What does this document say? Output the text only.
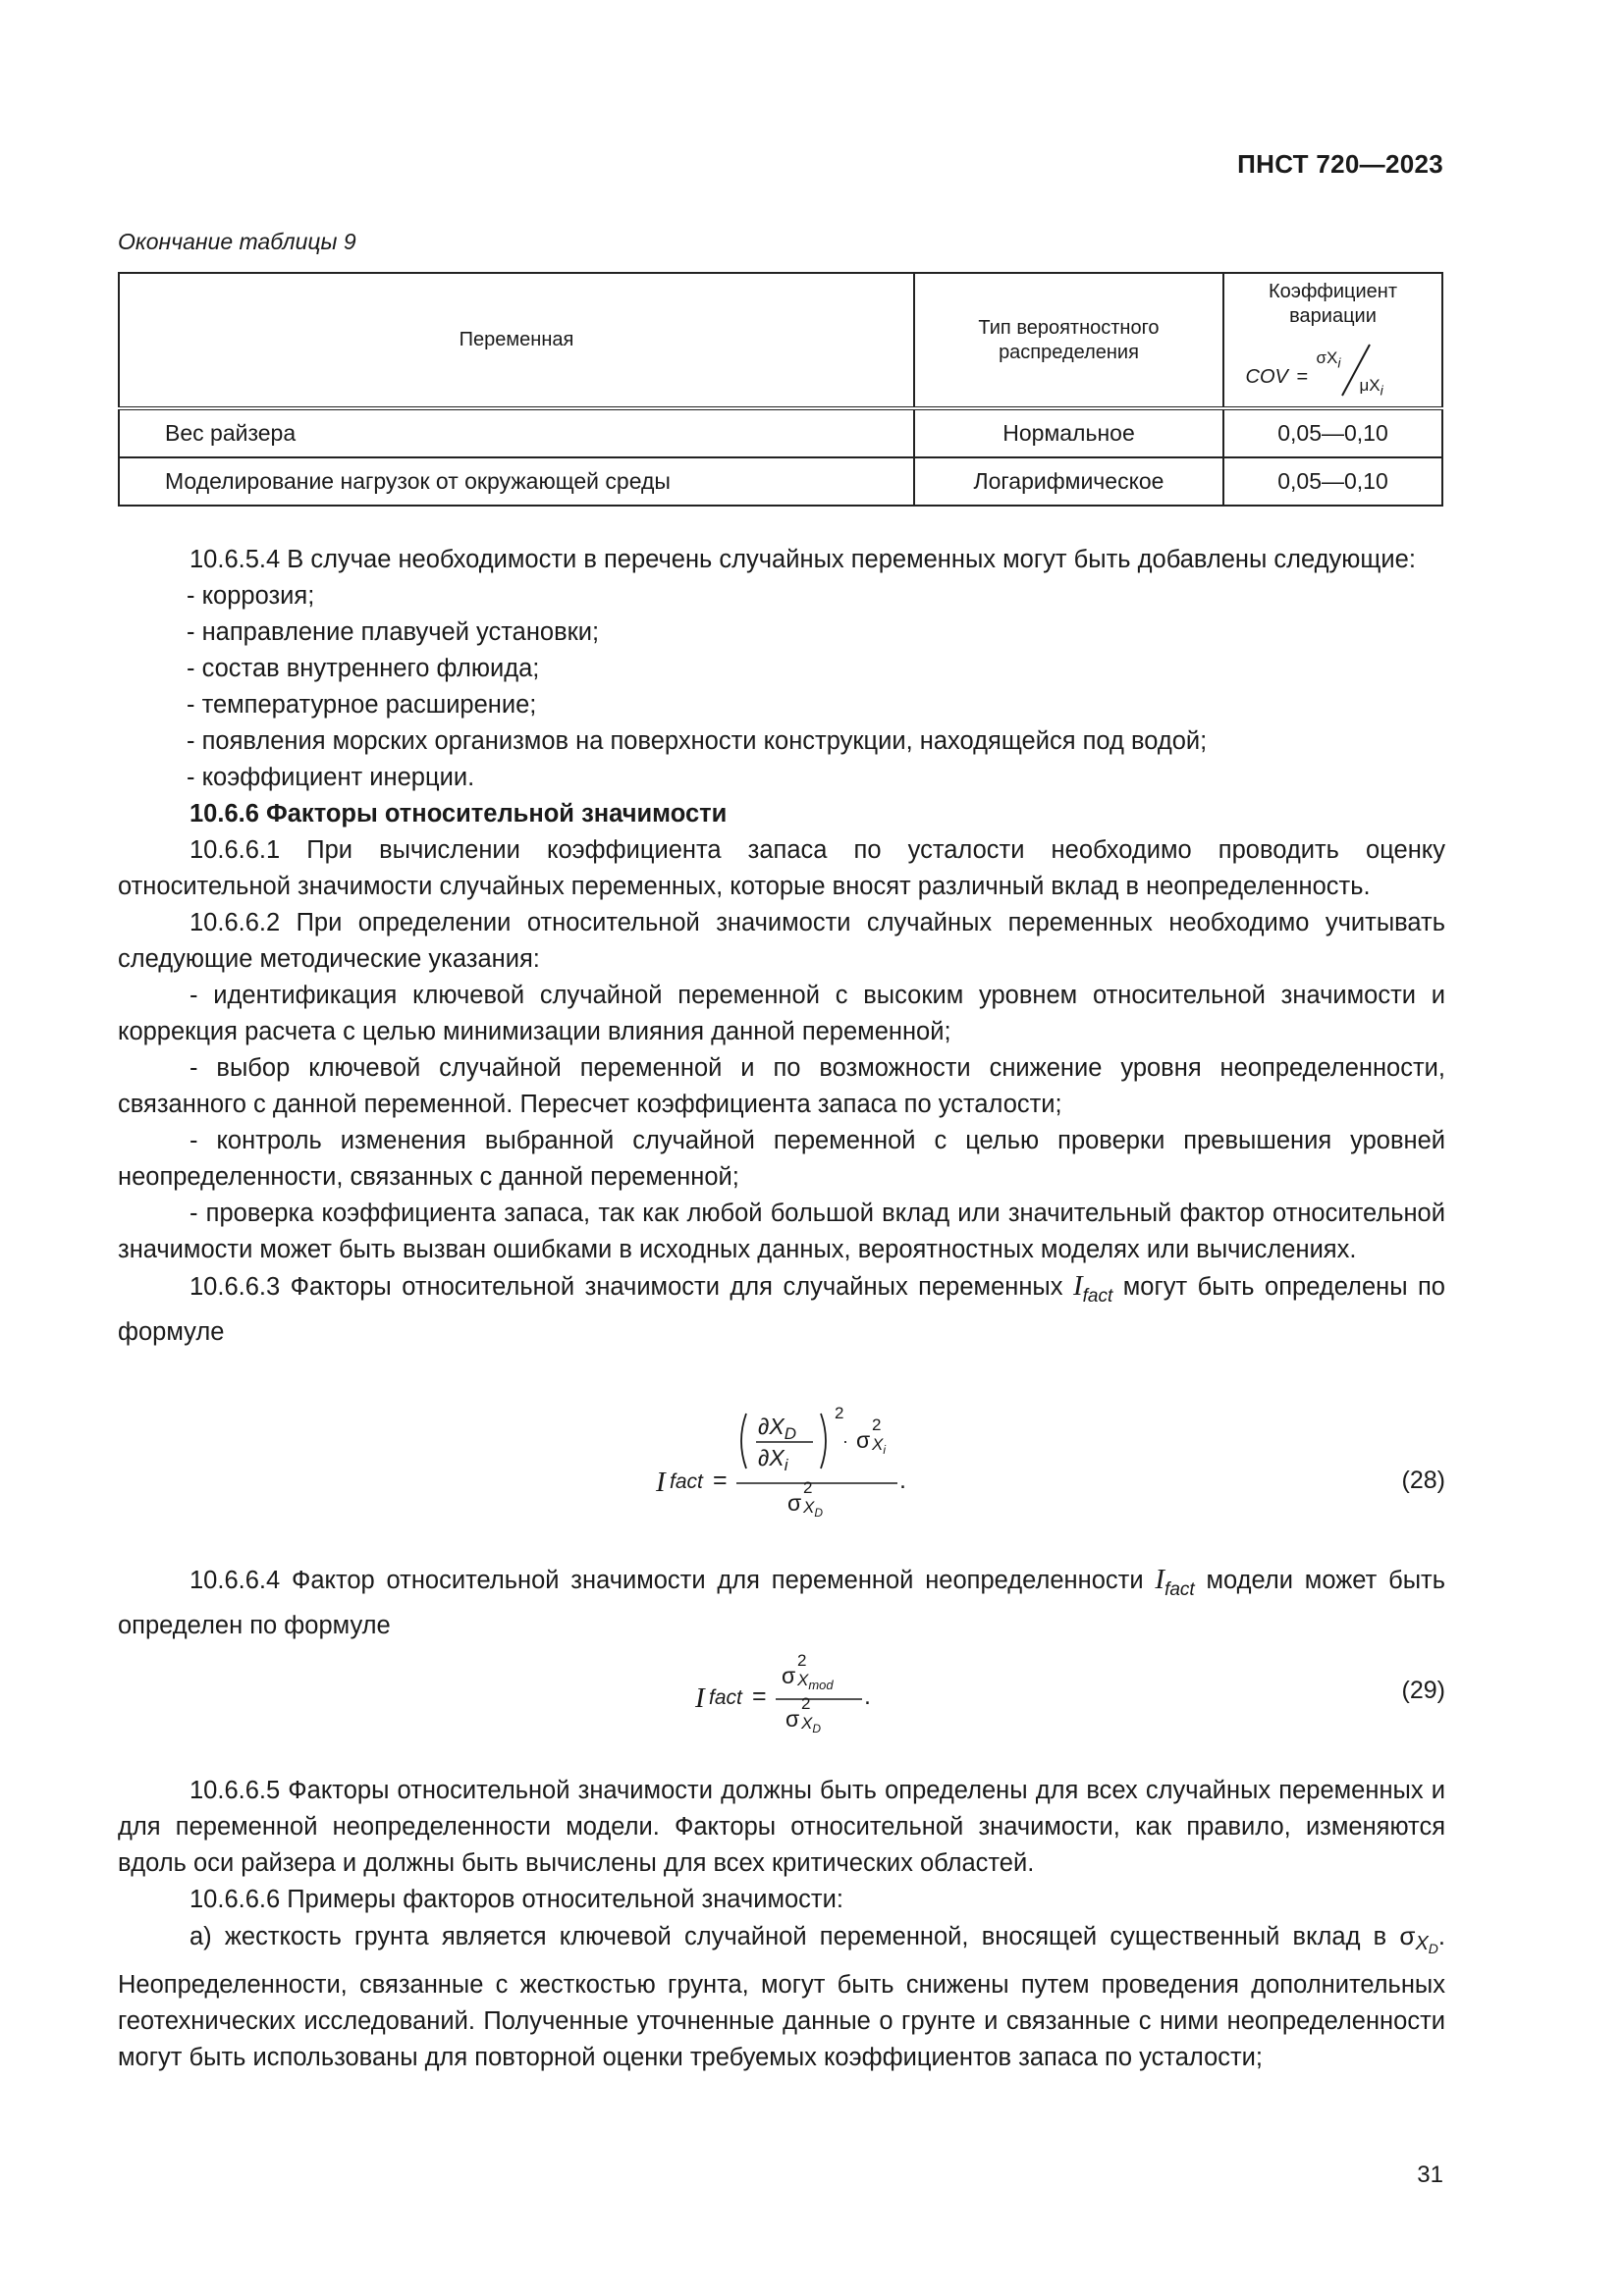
ПНСТ 720—2023
Окончание таблицы 9
Переменная	Тип вероятностного распределения	Коэффициент вариации
COV =
$\sigma X_i$
$\mu X_i$

Вес райзера	Нормальное	0,05—0,10
Моделирование нагрузок от окружающей среды	Логарифмическое	0,05—0,10

10.6.5.4 В случае необходимости в перечень случайных переменных могут быть добавлены следующие:

- коррозия;

- направление плавучей установки;

- состав внутреннего флюида;

- температурное расширение;

- появления морских организмов на поверхности конструкции, находящейся под водой;

- коэффициент инерции.

10.6.6 Факторы относительной значимости

10.6.6.1 При вычислении коэффициента запаса по усталости необходимо проводить оценку относительной значимости случайных переменных, которые вносят различный вклад в неопределенность.

10.6.6.2 При определении относительной значимости случайных переменных необходимо учитывать следующие методические указания:

- идентификация ключевой случайной переменной с высоким уровнем относительной значимости и коррекция расчета с целью минимизации влияния данной переменной;

- выбор ключевой случайной переменной и по возможности снижение уровня неопределенности, связанного с данной переменной. Пересчет коэффициента запаса по усталости;

- контроль изменения выбранной случайной переменной с целью проверки превышения уровней неопределенности, связанных с данной переменной;

- проверка коэффициента запаса, так как любой большой вклад или значительный фактор относительной значимости может быть вызван ошибками в исходных данных, вероятностных моделях или вычислениях.

10.6.6.3 Факторы относительной значимости для случайных переменных $I_{fact}$ могут быть определены по формуле

I fact =
$\partial X_D$
$\partial X_i$
2
· σ
2
$X_i$
σ
2
$X_D$
.	(28)

10.6.6.4 Фактор относительной значимости для переменной неопределенности $I_{fact}$ модели может быть определен по формуле

I fact =
σ
2
$X_{mod}$
σ
2
$X_D$
.	(29)

10.6.6.5 Факторы относительной значимости должны быть определены для всех случайных переменных и для переменной неопределенности модели. Факторы относительной значимости, как правило, изменяются вдоль оси райзера и должны быть вычислены для всех критических областей.

10.6.6.6 Примеры факторов относительной значимости:

а) жесткость грунта является ключевой случайной переменной, вносящей существенный вклад в $\sigma X_D$. Неопределенности, связанные с жесткостью грунта, могут быть снижены путем проведения дополнительных геотехнических исследований. Полученные уточненные данные о грунте и связанные с ними неопределенности могут быть использованы для повторной оценки требуемых коэффициентов запаса по усталости;

31
